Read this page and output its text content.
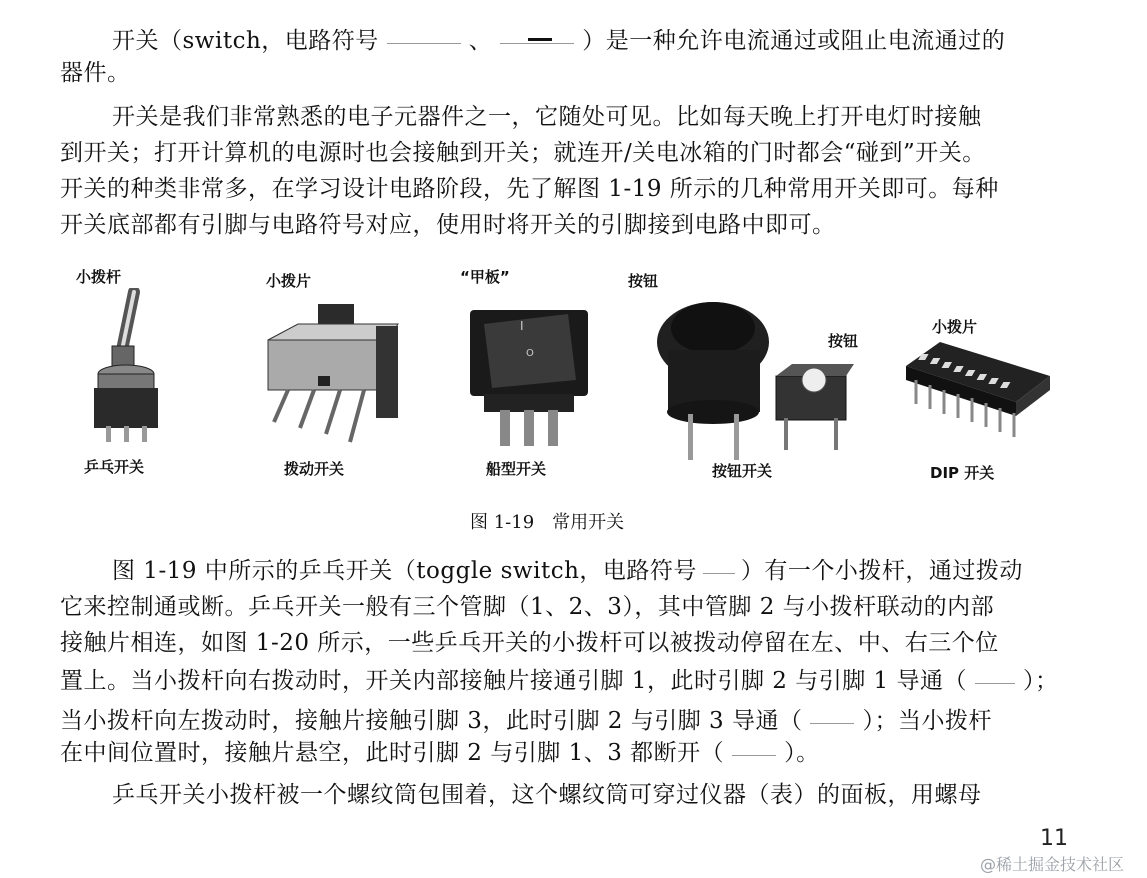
开关（switch，电路符号	、	）是一种允许电流通过或阻止电流通过的
器件。
开关是我们非常熟悉的电子元器件之一，它随处可见。比如每天晚上打开电灯时接触
到开关；打开计算机的电源时也会接触到开关；就连开/关电冰箱的门时都会“碰到”开关。
开关的种类非常多，在学习设计电路阶段，先了解图 1-19 所示的几种常用开关即可。每种
开关底部都有引脚与电路符号对应，使用时将开关的引脚接到电路中即可。
小拨杆	小拨片	“甲板”	按钮
按钮
小拨片
I
O
乒乓开关	拨动开关	船型开关	按钮开关	DIP 开关
图 1-19　常用开关
图 1-19 中所示的乒乓开关（toggle switch，电路符号 ）有一个小拨杆，通过拨动
它来控制通或断。乒乓开关一般有三个管脚（1、2、3），其中管脚 2 与小拨杆联动的内部
接触片相连，如图 1-20 所示，一些乒乓开关的小拨杆可以被拨动停留在左、中、右三个位
置上。当小拨杆向右拨动时，开关内部接触片接通引脚 1，此时引脚 2 与引脚 1 导通（ ）；
当小拨杆向左拨动时，接触片接触引脚 3，此时引脚 2 与引脚 3 导通（	）；当小拨杆
在中间位置时，接触片悬空，此时引脚 2 与引脚 1、3 都断开（	）。
乒乓开关小拨杆被一个螺纹筒包围着，这个螺纹筒可穿过仪器（表）的面板，用螺母
11
@稀土掘金技术社区
